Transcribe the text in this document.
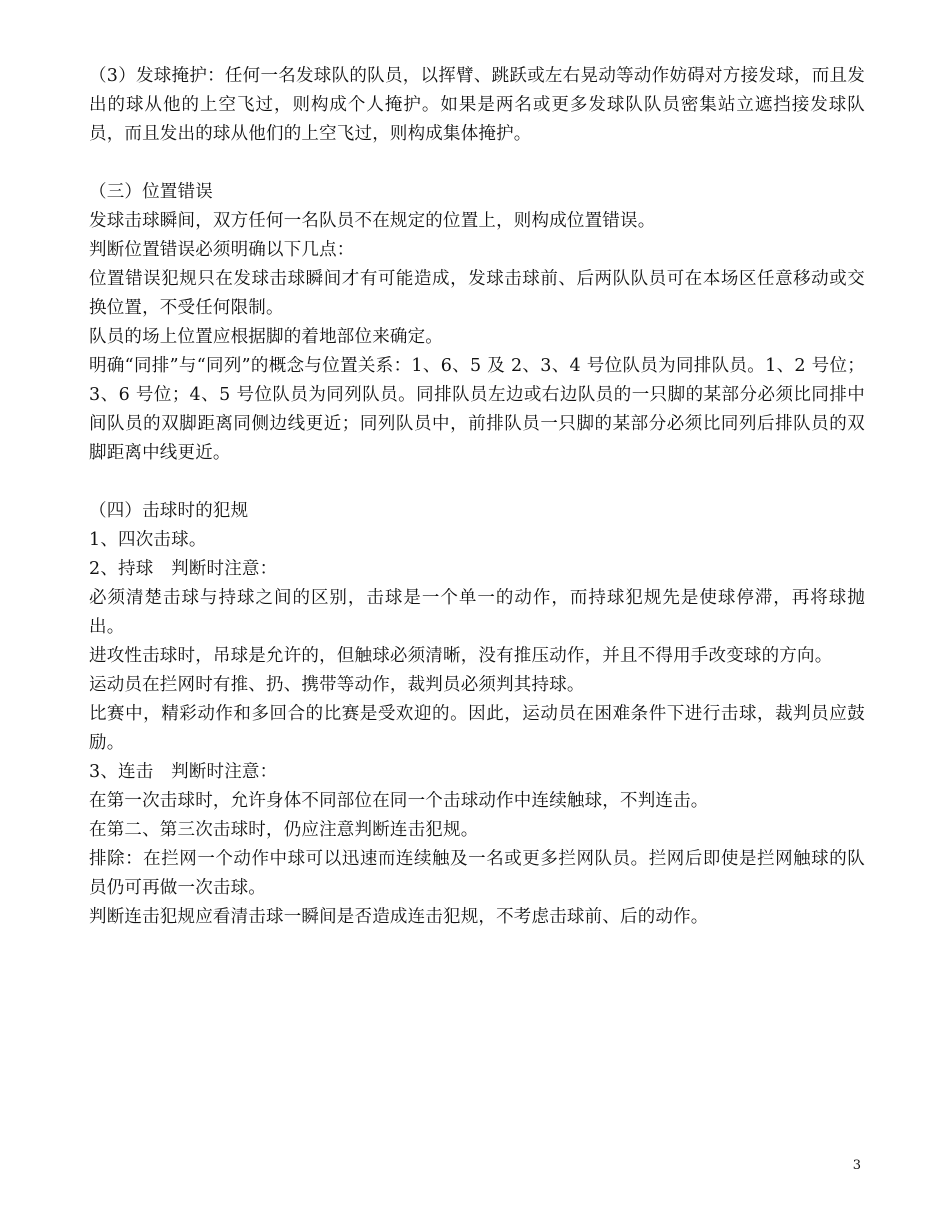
（3）发球掩护：任何一名发球队的队员，以挥臂、跳跃或左右晃动等动作妨碍对方接发球，而且发出的球从他的上空飞过，则构成个人掩护。如果是两名或更多发球队队员密集站立遮挡接发球队员，而且发出的球从他们的上空飞过，则构成集体掩护。

（三）位置错误

发球击球瞬间，双方任何一名队员不在规定的位置上，则构成位置错误。

判断位置错误必须明确以下几点：

位置错误犯规只在发球击球瞬间才有可能造成，发球击球前、后两队队员可在本场区任意移动或交换位置，不受任何限制。

队员的场上位置应根据脚的着地部位来确定。

明确“同排”与“同列”的概念与位置关系：1、6、5 及 2、3、4 号位队员为同排队员。1、2 号位；3、6 号位；4、5 号位队员为同列队员。同排队员左边或右边队员的一只脚的某部分必须比同排中间队员的双脚距离同侧边线更近；同列队员中，前排队员一只脚的某部分必须比同列后排队员的双脚距离中线更近。

（四）击球时的犯规

1、四次击球。

2、持球　判断时注意：

必须清楚击球与持球之间的区别，击球是一个单一的动作，而持球犯规先是使球停滞，再将球抛出。

进攻性击球时，吊球是允许的，但触球必须清晰，没有推压动作，并且不得用手改变球的方向。

运动员在拦网时有推、扔、携带等动作，裁判员必须判其持球。

比赛中，精彩动作和多回合的比赛是受欢迎的。因此，运动员在困难条件下进行击球，裁判员应鼓励。

3、连击　判断时注意：

在第一次击球时，允许身体不同部位在同一个击球动作中连续触球，不判连击。

在第二、第三次击球时，仍应注意判断连击犯规。

排除：在拦网一个动作中球可以迅速而连续触及一名或更多拦网队员。拦网后即使是拦网触球的队员仍可再做一次击球。

判断连击犯规应看清击球一瞬间是否造成连击犯规，不考虑击球前、后的动作。

3
